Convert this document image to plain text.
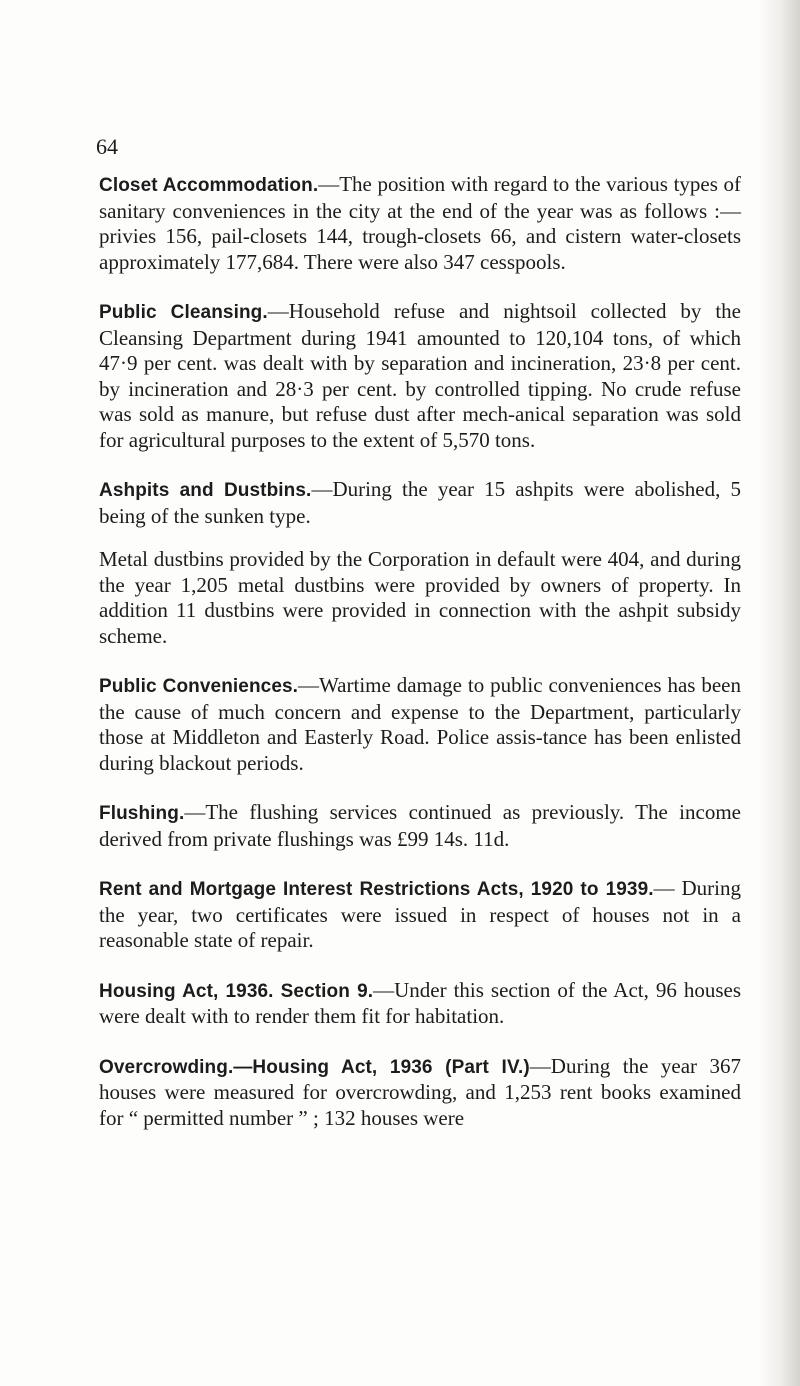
64

Closet Accommodation.—The position with regard to the various types of sanitary conveniences in the city at the end of the year was as follows :—privies 156, pail-closets 144, trough-closets 66, and cistern water-closets approximately 177,684. There were also 347 cesspools.

Public Cleansing.—Household refuse and nightsoil collected by the Cleansing Department during 1941 amounted to 120,104 tons, of which 47·9 per cent. was dealt with by separation and incineration, 23·8 per cent. by incineration and 28·3 per cent. by controlled tipping. No crude refuse was sold as manure, but refuse dust after mech-anical separation was sold for agricultural purposes to the extent of 5,570 tons.

Ashpits and Dustbins.—During the year 15 ashpits were abolished, 5 being of the sunken type.

Metal dustbins provided by the Corporation in default were 404, and during the year 1,205 metal dustbins were provided by owners of property. In addition 11 dustbins were provided in connection with the ashpit subsidy scheme.

Public Conveniences.—Wartime damage to public conveniences has been the cause of much concern and expense to the Department, particularly those at Middleton and Easterly Road. Police assis-tance has been enlisted during blackout periods.

Flushing.—The flushing services continued as previously. The income derived from private flushings was £99 14s. 11d.

Rent and Mortgage Interest Restrictions Acts, 1920 to 1939.— During the year, two certificates were issued in respect of houses not in a reasonable state of repair.

Housing Act, 1936. Section 9.—Under this section of the Act, 96 houses were dealt with to render them fit for habitation.

Overcrowding.—Housing Act, 1936 (Part IV.)—During the year 367 houses were measured for overcrowding, and 1,253 rent books examined for “ permitted number ” ; 132 houses were
